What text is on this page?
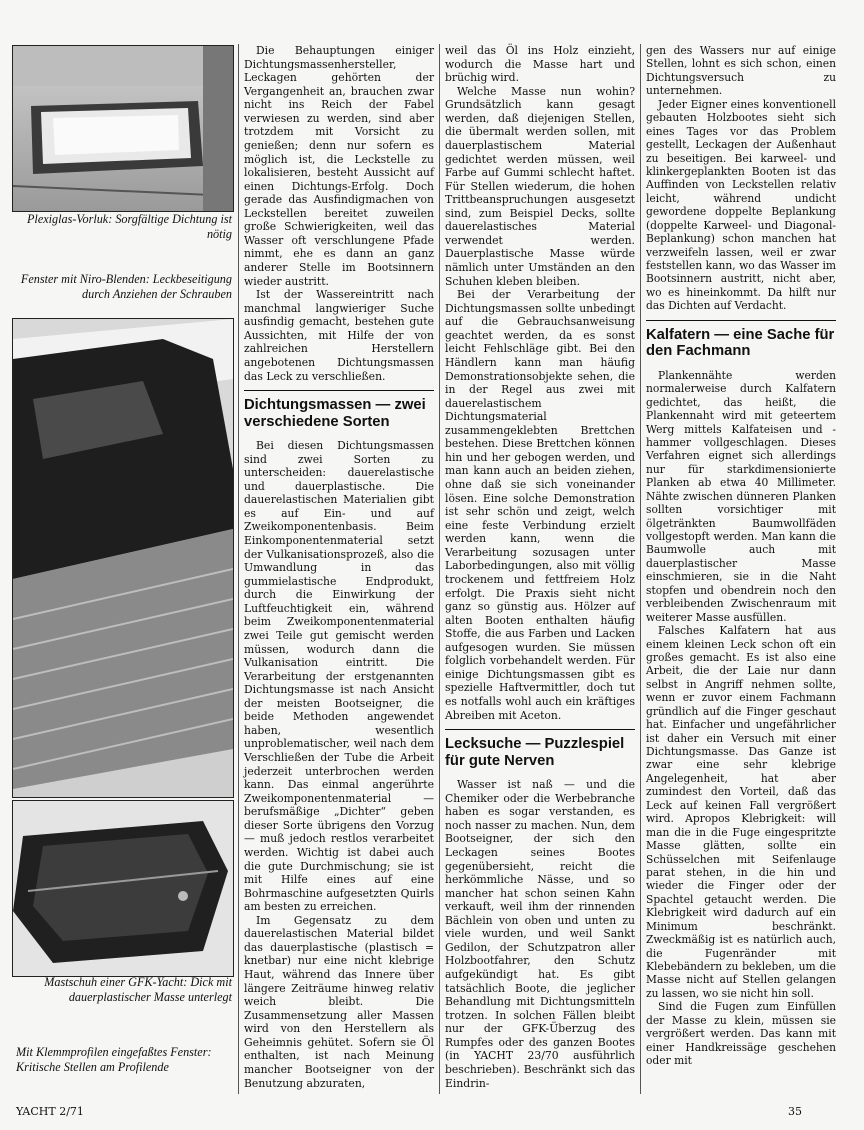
Plexiglas-Vorluk: Sorgfältige Dichtung ist nötig
Fenster mit Niro-Blenden: Leckbeseitigung durch Anziehen der Schrauben
Mastschuh einer GFK-Yacht: Dick mit dauerplastischer Masse unterlegt
Mit Klemmprofilen eingefaßtes Fenster: Kritische Stellen am Profilende

Die Behauptungen einiger Dichtungsmassenhersteller, Leckagen gehörten der Vergangenheit an, brauchen zwar nicht ins Reich der Fabel verwiesen zu werden, sind aber trotzdem mit Vorsicht zu genießen; denn nur sofern es möglich ist, die Leckstelle zu lokalisieren, besteht Aussicht auf einen Dichtungs-Erfolg. Doch gerade das Ausfindigmachen von Leckstellen bereitet zuweilen große Schwierigkeiten, weil das Wasser oft verschlungene Pfade nimmt, ehe es dann an ganz anderer Stelle im Bootsinnern wieder austritt.

Ist der Wassereintritt nach manchmal langwieriger Suche ausfindig gemacht, bestehen gute Aussichten, mit Hilfe der von zahlreichen Herstellern angebotenen Dichtungsmassen das Leck zu verschließen.

Dichtungsmassen — zwei verschiedene Sorten

Bei diesen Dichtungsmassen sind zwei Sorten zu unterscheiden: dauerelastische und dauerplastische. Die dauerelastischen Materialien gibt es auf Ein- und auf Zweikomponentenbasis. Beim Einkomponentenmaterial setzt der Vulkanisationsprozeß, also die Umwandlung in das gummielastische Endprodukt, durch die Einwirkung der Luftfeuchtigkeit ein, während beim Zweikomponentenmaterial zwei Teile gut gemischt werden müssen, wodurch dann die Vulkanisation eintritt. Die Verarbeitung der erstgenannten Dichtungsmasse ist nach Ansicht der meisten Bootseigner, die beide Methoden angewendet haben, wesentlich unproblematischer, weil nach dem Verschließen der Tube die Arbeit jederzeit unterbrochen werden kann. Das einmal angerührte Zweikomponentenmaterial — berufsmäßige „Dichter“ geben dieser Sorte übrigens den Vorzug — muß jedoch restlos verarbeitet werden. Wichtig ist dabei auch die gute Durchmischung; sie ist mit Hilfe eines auf eine Bohrmaschine aufgesetzten Quirls am besten zu erreichen.

Im Gegensatz zu dem dauerelastischen Material bildet das dauerplastische (plastisch = knetbar) nur eine nicht klebrige Haut, während das Innere über längere Zeiträume hinweg relativ weich bleibt. Die Zusammensetzung aller Massen wird von den Herstellern als Geheimnis gehütet. Sofern sie Öl enthalten, ist nach Meinung mancher Bootseigner von der Benutzung abzuraten,

weil das Öl ins Holz einzieht, wodurch die Masse hart und brüchig wird.

Welche Masse nun wohin? Grundsätzlich kann gesagt werden, daß diejenigen Stellen, die übermalt werden sollen, mit dauerplastischem Material gedichtet werden müssen, weil Farbe auf Gummi schlecht haftet. Für Stellen wiederum, die hohen Trittbeanspruchungen ausgesetzt sind, zum Beispiel Decks, sollte dauerelastisches Material verwendet werden. Dauerplastische Masse würde nämlich unter Umständen an den Schuhen kleben bleiben.

Bei der Verarbeitung der Dichtungsmassen sollte unbedingt auf die Gebrauchsanweisung geachtet werden, da es sonst leicht Fehlschläge gibt. Bei den Händlern kann man häufig Demonstrationsobjekte sehen, die in der Regel aus zwei mit dauerelastischem Dichtungsmaterial zusammengeklebten Brettchen bestehen. Diese Brettchen können hin und her gebogen werden, und man kann auch an beiden ziehen, ohne daß sie sich voneinander lösen. Eine solche Demonstration ist sehr schön und zeigt, welch eine feste Verbindung erzielt werden kann, wenn die Verarbeitung sozusagen unter Laborbedingungen, also mit völlig trockenem und fettfreiem Holz erfolgt. Die Praxis sieht nicht ganz so günstig aus. Hölzer auf alten Booten enthalten häufig Stoffe, die aus Farben und Lacken aufgesogen wurden. Sie müssen folglich vorbehandelt werden. Für einige Dichtungsmassen gibt es spezielle Haftvermittler, doch tut es notfalls wohl auch ein kräftiges Abreiben mit Aceton.

Lecksuche — Puzzlespiel für gute Nerven

Wasser ist naß — und die Chemiker oder die Werbebranche haben es sogar verstanden, es noch nasser zu machen. Nun, dem Bootseigner, der sich den Leckagen seines Bootes gegenübersieht, reicht die herkömmliche Nässe, und so mancher hat schon seinen Kahn verkauft, weil ihm der rinnenden Bächlein von oben und unten zu viele wurden, und weil Sankt Gedilon, der Schutzpatron aller Holzbootfahrer, den Schutz aufgekündigt hat. Es gibt tatsächlich Boote, die jeglicher Behandlung mit Dichtungsmitteln trotzen. In solchen Fällen bleibt nur der GFK-Überzug des Rumpfes oder des ganzen Bootes (in YACHT 23/70 ausführlich beschrieben). Beschränkt sich das Eindrin-

gen des Wassers nur auf einige Stellen, lohnt es sich schon, einen Dichtungsversuch zu unternehmen.

Jeder Eigner eines konventionell gebauten Holzbootes sieht sich eines Tages vor das Problem gestellt, Leckagen der Außenhaut zu beseitigen. Bei karweel- und klinkergeplankten Booten ist das Auffinden von Leckstellen relativ leicht, während undicht gewordene doppelte Beplankung (doppelte Karweel- und Diagonal-Beplankung) schon manchen hat verzweifeln lassen, weil er zwar feststellen kann, wo das Wasser im Bootsinnern austritt, nicht aber, wo es hineinkommt. Da hilft nur das Dichten auf Verdacht.

Kalfatern — eine Sache für den Fachmann

Plankennähte werden normalerweise durch Kalfatern gedichtet, das heißt, die Plankennaht wird mit geteertem Werg mittels Kalfateisen und -hammer vollgeschlagen. Dieses Verfahren eignet sich allerdings nur für starkdimensionierte Planken ab etwa 40 Millimeter. Nähte zwischen dünneren Planken sollten vorsichtiger mit ölgetränkten Baumwollfäden vollgestopft werden. Man kann die Baumwolle auch mit dauerplastischer Masse einschmieren, sie in die Naht stopfen und obendrein noch den verbleibenden Zwischenraum mit weiterer Masse ausfüllen.

Falsches Kalfatern hat aus einem kleinen Leck schon oft ein großes gemacht. Es ist also eine Arbeit, die der Laie nur dann selbst in Angriff nehmen sollte, wenn er zuvor einem Fachmann gründlich auf die Finger geschaut hat. Einfacher und ungefährlicher ist daher ein Versuch mit einer Dichtungsmasse. Das Ganze ist zwar eine sehr klebrige Angelegenheit, hat aber zumindest den Vorteil, daß das Leck auf keinen Fall vergrößert wird. Apropos Klebrigkeit: will man die in die Fuge eingespritzte Masse glätten, sollte ein Schüsselchen mit Seifenlauge parat stehen, in die hin und wieder die Finger oder der Spachtel getaucht werden. Die Klebrigkeit wird dadurch auf ein Minimum beschränkt. Zweckmäßig ist es natürlich auch, die Fugenränder mit Klebebändern zu bekleben, um die Masse nicht auf Stellen gelangen zu lassen, wo sie nicht hin soll.

Sind die Fugen zum Einfüllen der Masse zu klein, müssen sie vergrößert werden. Das kann mit einer Handkreissäge geschehen oder mit

YACHT 2/71	35
